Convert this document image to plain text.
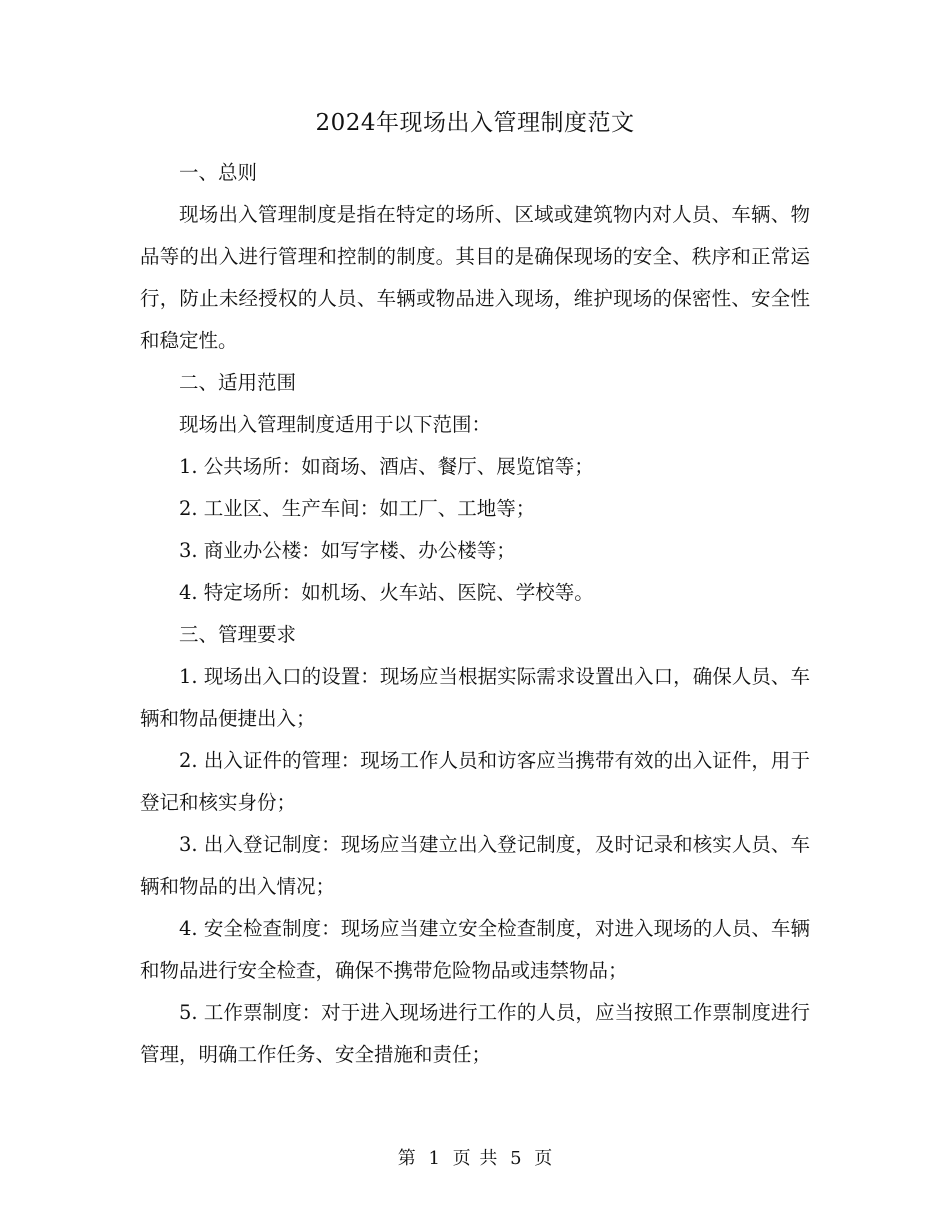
2024年现场出入管理制度范文

一、总则

现场出入管理制度是指在特定的场所、区域或建筑物内对人员、车辆、物品等的出入进行管理和控制的制度。其目的是确保现场的安全、秩序和正常运行，防止未经授权的人员、车辆或物品进入现场，维护现场的保密性、安全性和稳定性。

二、适用范围

现场出入管理制度适用于以下范围：

1. 公共场所：如商场、酒店、餐厅、展览馆等；

2. 工业区、生产车间：如工厂、工地等；

3. 商业办公楼：如写字楼、办公楼等；

4. 特定场所：如机场、火车站、医院、学校等。

三、管理要求

1. 现场出入口的设置：现场应当根据实际需求设置出入口，确保人员、车辆和物品便捷出入；

2. 出入证件的管理：现场工作人员和访客应当携带有效的出入证件，用于登记和核实身份；

3. 出入登记制度：现场应当建立出入登记制度，及时记录和核实人员、车辆和物品的出入情况；

4. 安全检查制度：现场应当建立安全检查制度，对进入现场的人员、车辆和物品进行安全检查，确保不携带危险物品或违禁物品；

5. 工作票制度：对于进入现场进行工作的人员，应当按照工作票制度进行管理，明确工作任务、安全措施和责任；

第 1 页 共 5 页
